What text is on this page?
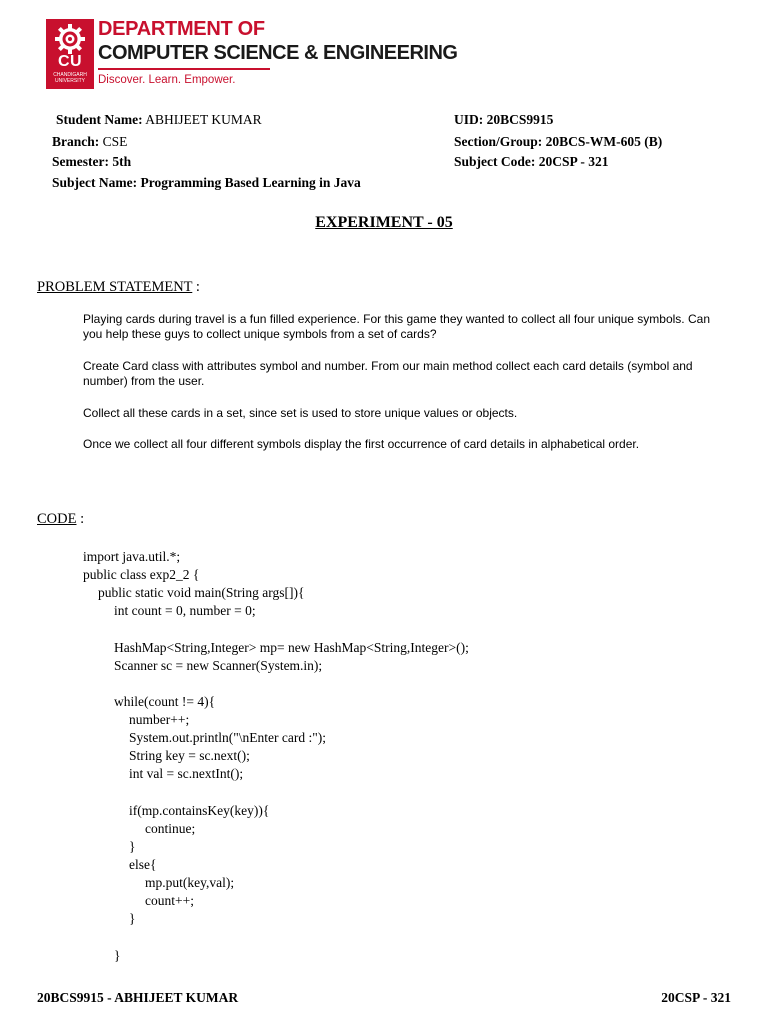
CU
CHANDIGARH UNIVERSITY
DEPARTMENT OF
COMPUTER SCIENCE & ENGINEERING
Discover. Learn. Empower.
Student Name: ABHIJEET KUMAR	UID: 20BCS9915
Branch: CSE	Section/Group: 20BCS-WM-605 (B)
Semester: 5th	Subject Code: 20CSP - 321
Subject Name: Programming Based Learning in Java
EXPERIMENT - 05
PROBLEM STATEMENT :
Playing cards during travel is a fun filled experience. For this game they wanted to collect all four unique symbols. Can you help these guys to collect unique symbols from a set of cards?
Create Card class with attributes symbol and number. From our main method collect each card details (symbol and number) from the user.
Collect all these cards in a set, since set is used to store unique values or objects.
Once we collect all four different symbols display the first occurrence of card details in alphabetical order.
CODE :
import java.util.*;
public class exp2_2 {
public static void main(String args[]){
int count = 0, number = 0;
HashMap<String,Integer> mp= new HashMap<String,Integer>();
Scanner sc = new Scanner(System.in);
while(count != 4){
number++;
System.out.println("\nEnter card :");
String key = sc.next();
int val = sc.nextInt();
if(mp.containsKey(key)){
continue;
}
else{
mp.put(key,val);
count++;
}
}
20BCS9915 - ABHIJEET KUMAR	20CSP - 321
